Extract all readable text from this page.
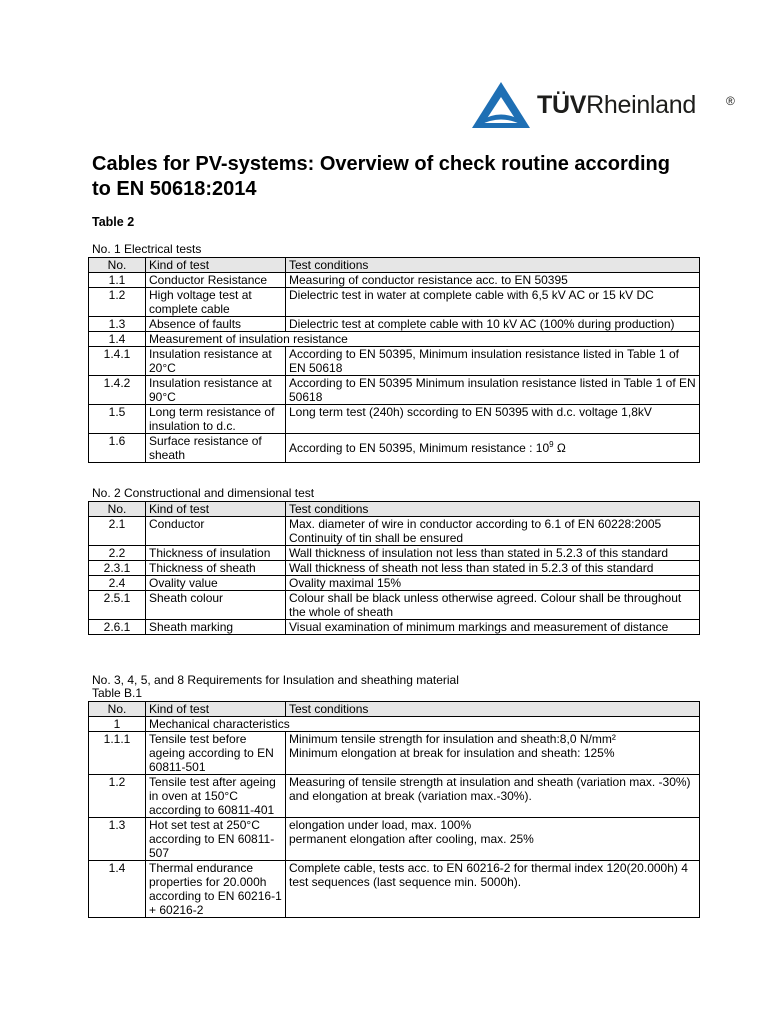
TÜVRheinland	®
Cables for PV-systems: Overview of check routine according to EN 50618:2014
Table 2
No. 1 Electrical tests
No.	Kind of test	Test conditions
1.1	Conductor Resistance	Measuring of conductor resistance acc. to EN 50395
1.2	High voltage test at complete cable	Dielectric test in water at complete cable with 6,5 kV AC or 15 kV DC
1.3	Absence of faults	Dielectric test at complete cable with 10 kV AC (100% during production)
1.4	Measurement of insulation resistance	
1.4.1	Insulation resistance at 20°C	According to EN 50395, Minimum insulation resistance listed in Table 1 of EN 50618
1.4.2	Insulation resistance at 90°C	According to EN 50395 Minimum insulation resistance listed in Table 1 of EN 50618
1.5	Long term resistance of insulation to d.c.	Long term test (240h) sccording to EN 50395 with d.c. voltage 1,8kV
1.6	Surface resistance of sheath	According to EN 50395, Minimum resistance : $10^9$ Ω
No. 2 Constructional and dimensional test
No.	Kind of test	Test conditions
2.1	Conductor	Max. diameter of wire in conductor according to 6.1 of EN 60228:2005 Continuity of tin shall be ensured
2.2	Thickness of insulation	Wall thickness of insulation not less than stated in 5.2.3 of this standard
2.3.1	Thickness of sheath	Wall thickness of sheath not less than stated in 5.2.3 of this standard
2.4	Ovality value	Ovality maximal 15%
2.5.1	Sheath colour	Colour shall be black unless otherwise agreed. Colour shall be throughout the whole of sheath
2.6.1	Sheath marking	Visual examination of minimum markings and measurement of distance
No. 3, 4, 5, and 8 Requirements for Insulation and sheathing material
Table B.1
No.	Kind of test	Test conditions
1	Mechanical characteristics	
1.1.1	Tensile test before ageing according to EN 60811-501	Minimum tensile strength for insulation and sheath:8,0 N/mm²
Minimum elongation at break for insulation and sheath: 125%

1.2	Tensile test after ageing in oven at 150°C according to 60811-401	Measuring of tensile strength at insulation and sheath (variation max. -30%) and elongation at break (variation max.-30%).

1.3	Hot set test at 250°C according to EN 60811-507	elongation under load, max. 100%
permanent elongation after cooling, max. 25%

1.4	Thermal endurance properties for 20.000h according to EN 60216-1 + 60216-2	Complete cable, tests acc. to EN 60216-2 for thermal index 120(20.000h) 4 test sequences (last sequence min. 5000h).
